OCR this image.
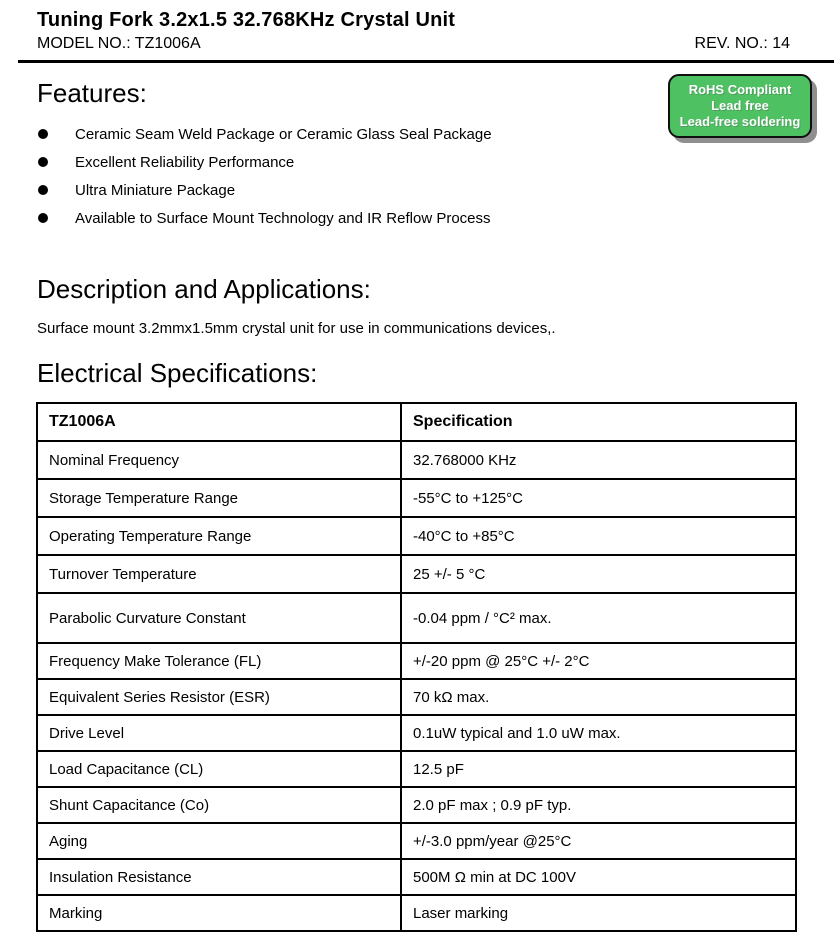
Tuning Fork 3.2x1.5 32.768KHz Crystal Unit
MODEL NO.: TZ1006A	REV. NO.: 14
RoHS Compliant
Lead free
Lead-free soldering
Features:
Ceramic Seam Weld Package or Ceramic Glass Seal Package
Excellent Reliability Performance
Ultra Miniature Package
Available to Surface Mount Technology and IR Reflow Process
Description and Applications:

Surface mount 3.2mmx1.5mm crystal unit for use in communications devices,.

Electrical Specifications:
TZ1006A	Specification
Nominal Frequency	32.768000 KHz
Storage Temperature Range	-55°C to +125°C
Operating Temperature Range	-40°C to +85°C
Turnover Temperature	25 +/- 5 °C
Parabolic Curvature Constant	-0.04 ppm / °C² max.
Frequency Make Tolerance (FL)	+/-20 ppm @ 25°C +/- 2°C
Equivalent Series Resistor (ESR)	70 kΩ max.
Drive Level	0.1uW typical and 1.0 uW max.
Load Capacitance (CL)	12.5 pF
Shunt Capacitance (Co)	2.0 pF max ; 0.9 pF typ.
Aging	+/-3.0 ppm/year @25°C
Insulation Resistance	500M Ω min at DC 100V
Marking	Laser marking
